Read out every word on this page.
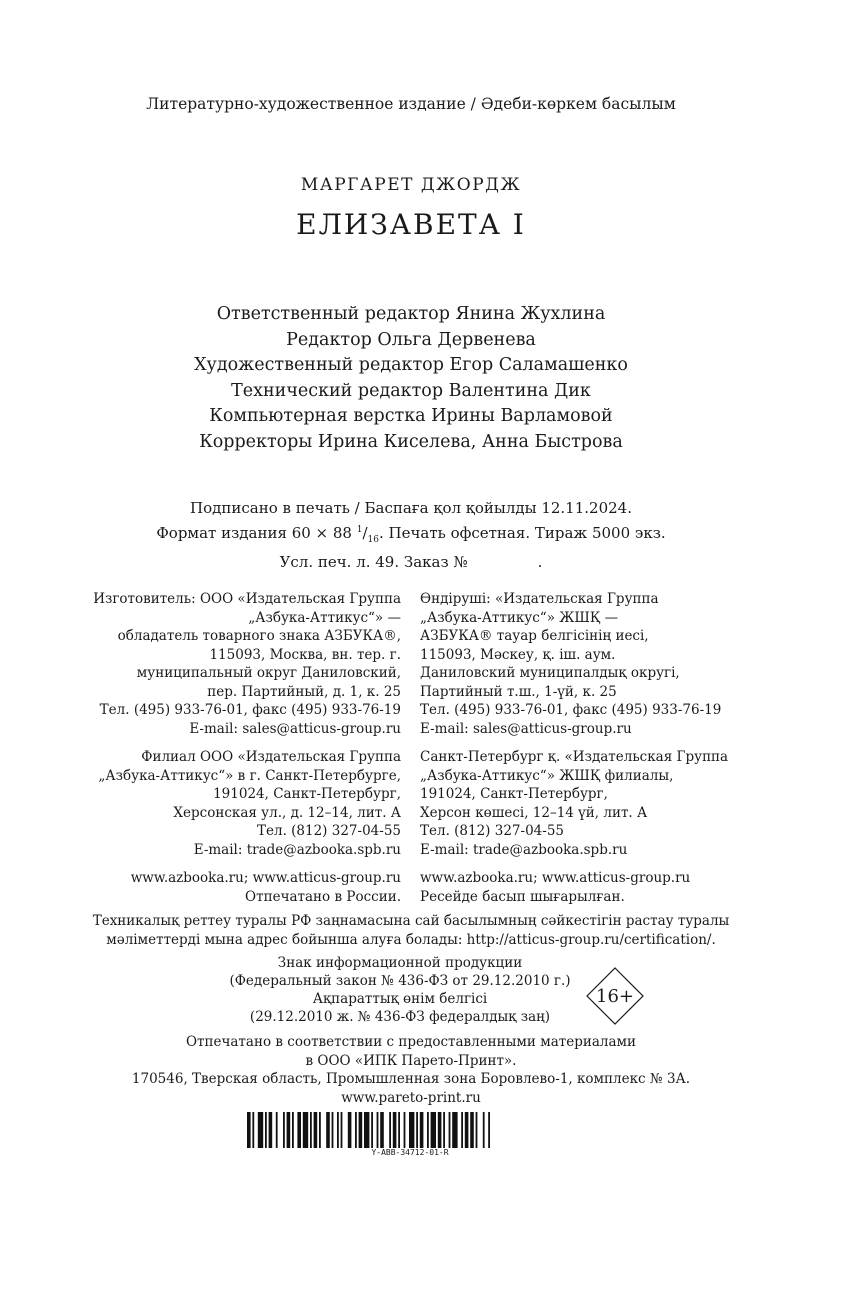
Литературно-художественное издание / Әдеби-көркем басылым
МАРГАРЕТ ДЖОРДЖ
ЕЛИЗАВЕТА I
Ответственный редактор Янина Жухлина
Редактор Ольга Дервенева
Художественный редактор Егор Саламашенко
Технический редактор Валентина Дик
Компьютерная верстка Ирины Варламовой
Корректоры Ирина Киселева, Анна Быстрова
Подписано в печать / Баспаға қол қойылды 12.11.2024.
Формат издания 60 × 88 $^1/_{16}$. Печать офсетная. Тираж 5000 экз.
Усл. печ. л. 49. Заказ №	.
Изготовитель: ООО «Издательская Группа
„Азбука-Аттикус“» —
обладатель товарного знака АЗБУКА®,
115093, Москва, вн. тер. г.
муниципальный округ Даниловский,
пер. Партийный, д. 1, к. 25
Тел. (495) 933-76-01, факс (495) 933-76-19
E-mail: sales@atticus-group.ru
Филиал ООО «Издательская Группа
„Азбука-Аттикус“» в г. Санкт-Петербурге,
191024, Санкт-Петербург,
Херсонская ул., д. 12–14, лит. А
Тел. (812) 327-04-55
E-mail: trade@azbooka.spb.ru
www.azbooka.ru; www.atticus-group.ru
Отпечатано в России.
Өндіруші: «Издательская Группа
„Азбука-Аттикус“» ЖШҚ —
АЗБУКА® тауар белгісінің иесі,
115093, Мәскеу, қ. іш. аум.
Даниловский муниципалдық округі,
Партийный т.ш., 1-үй, к. 25
Тел. (495) 933-76-01, факс (495) 933-76-19
E-mail: sales@atticus-group.ru
Санкт-Петербург қ. «Издательская Группа
„Азбука-Аттикус“» ЖШҚ филиалы,
191024, Санкт-Петербург,
Херсон көшесі, 12–14 үй, лит. А
Тел. (812) 327-04-55
E-mail: trade@azbooka.spb.ru
www.azbooka.ru; www.atticus-group.ru
Ресейде басып шығарылған.
Техникалық реттеу туралы РФ заңнамасына сай басылымның сәйкестігін растау туралы
мәліметтерді мына адрес бойынша алуға болады: http://atticus-group.ru/certification/.
Знак информационной продукции
(Федеральный закон № 436-ФЗ от 29.12.2010 г.)
Ақпараттық өнім белгісі
(29.12.2010 ж. № 436-ФЗ федералдық заң)
16+
Отпечатано в соответствии с предоставленными материалами
в ООО «ИПК Парето-Принт».
170546, Тверская область, Промышленная зона Боровлево-1, комплекс № 3А.
www.pareto-print.ru
Y-ABB-34712-01-R
